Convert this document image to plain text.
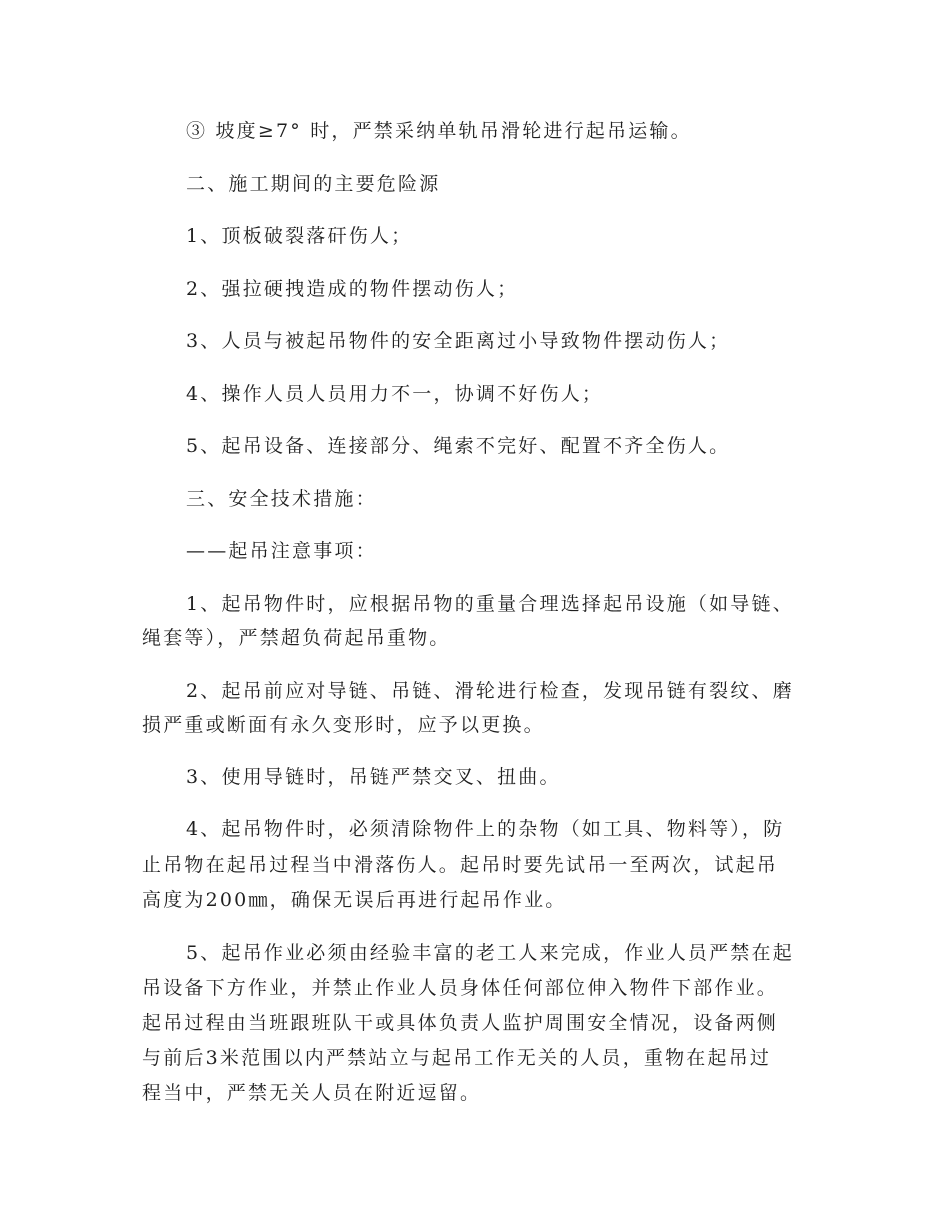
③ 坡度≥7° 时，严禁采纳单轨吊滑轮进行起吊运输。
二、施工期间的主要危险源
1、顶板破裂落矸伤人；
2、强拉硬拽造成的物件摆动伤人；
3、人员与被起吊物件的安全距离过小导致物件摆动伤人；
4、操作人员人员用力不一，协调不好伤人；
5、起吊设备、连接部分、绳索不完好、配置不齐全伤人。
三、安全技术措施：
——起吊注意事项：
1、起吊物件时，应根据吊物的重量合理选择起吊设施（如导链、
绳套等），严禁超负荷起吊重物。
2、起吊前应对导链、吊链、滑轮进行检查，发现吊链有裂纹、磨
损严重或断面有永久变形时，应予以更换。
3、使用导链时，吊链严禁交叉、扭曲。
4、起吊物件时，必须清除物件上的杂物（如工具、物料等），防
止吊物在起吊过程当中滑落伤人。起吊时要先试吊一至两次，试起吊
高度为200㎜，确保无误后再进行起吊作业。
5、起吊作业必须由经验丰富的老工人来完成，作业人员严禁在起
吊设备下方作业，并禁止作业人员身体任何部位伸入物件下部作业。
起吊过程由当班跟班队干或具体负责人监护周围安全情况，设备两侧
与前后3米范围以内严禁站立与起吊工作无关的人员，重物在起吊过
程当中，严禁无关人员在附近逗留。
